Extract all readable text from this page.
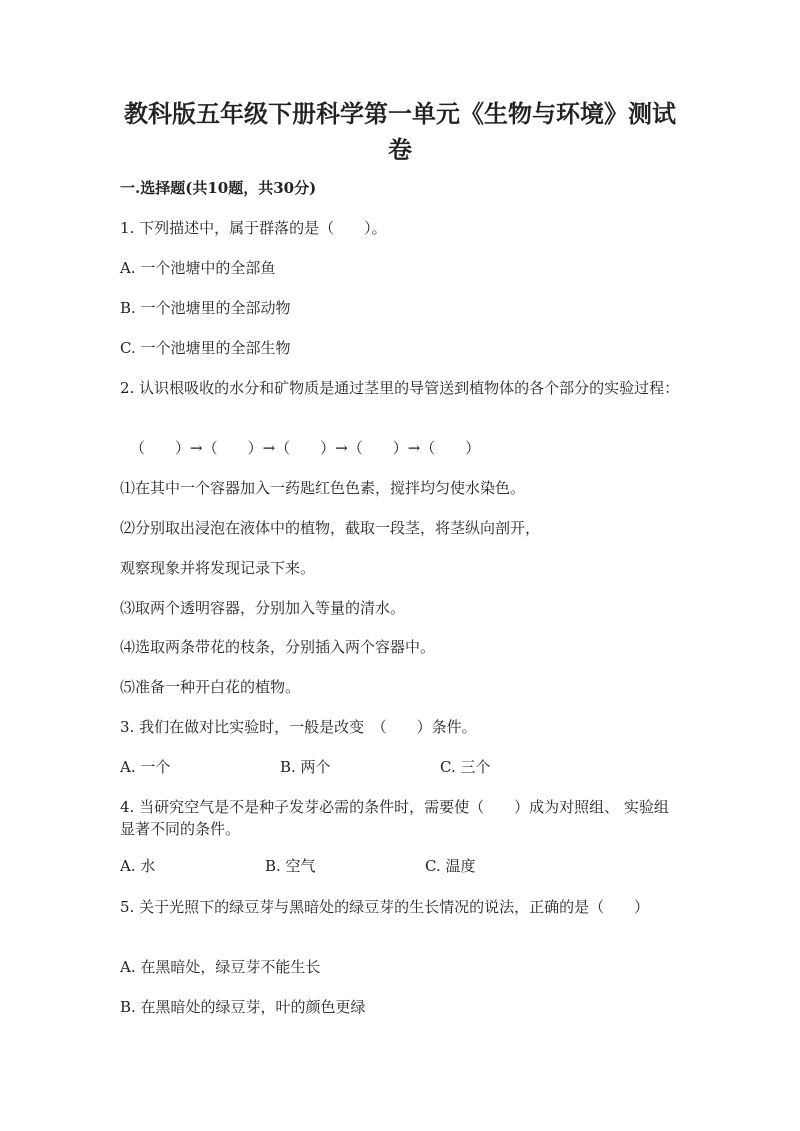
教科版五年级下册科学第一单元《生物与环境》测试卷
一.选择题(共10题，共30分)
1. 下列描述中，属于群落的是（　　）。
A. 一个池塘中的全部鱼
B. 一个池塘里的全部动物
C. 一个池塘里的全部生物
2. 认识根吸收的水分和矿物质是通过茎里的导管送到植物体的各个部分的实验过程：
（　　）→（　　）→（　　）→（　　）→（　　）
⑴在其中一个容器加入一药匙红色色素，搅拌均匀使水染色。
⑵分别取出浸泡在液体中的植物，截取一段茎，将茎纵向剖开，
观察现象并将发现记录下来。
⑶取两个透明容器，分别加入等量的清水。
⑷选取两条带花的枝条，分别插入两个容器中。
⑸准备一种开白花的植物。
3. 我们在做对比实验时，一般是改变　（　　）条件。
A. 一个	B. 两个	C. 三个
4. 当研究空气是不是种子发芽必需的条件时，需要使（　　）成为对照组、 实验组显著不同的条件。
A. 水	B. 空气	C. 温度
5. 关于光照下的绿豆芽与黑暗处的绿豆芽的生长情况的说法，正确的是（　　）
A. 在黑暗处，绿豆芽不能生长
B. 在黑暗处的绿豆芽，叶的颜色更绿
